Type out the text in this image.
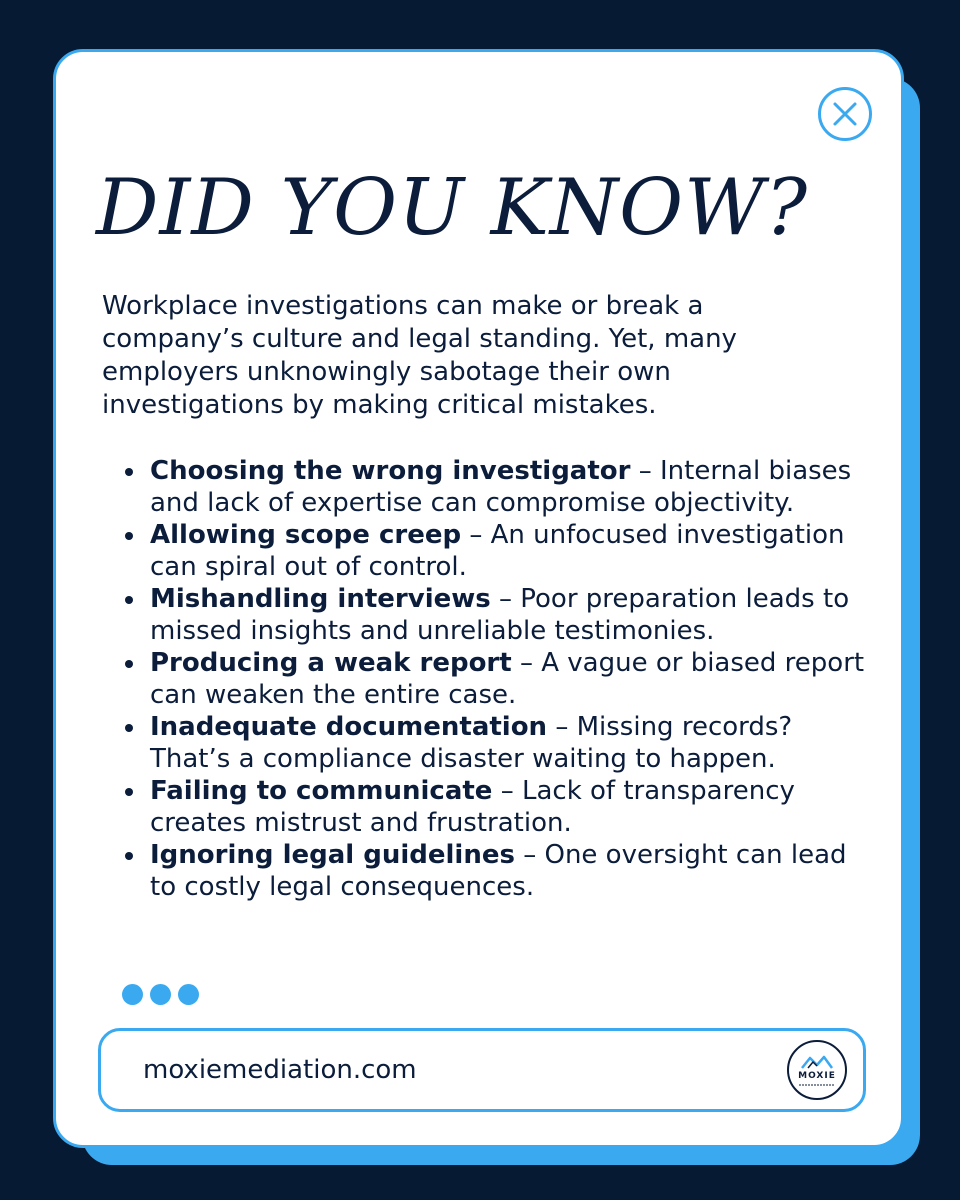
DID YOU KNOW?

Workplace investigations can make or break a company’s culture and legal standing. Yet, many employers unknowingly sabotage their own investigations by making critical mistakes.

Choosing the wrong investigator – Internal biases and lack of expertise can compromise objectivity.
Allowing scope creep – An unfocused investigation can spiral out of control.
Mishandling interviews – Poor preparation leads to missed insights and unreliable testimonies.
Producing a weak report – A vague or biased report can weaken the entire case.
Inadequate documentation – Missing records? That’s a compliance disaster waiting to happen.
Failing to communicate – Lack of transparency creates mistrust and frustration.
Ignoring legal guidelines – One oversight can lead to costly legal consequences.
moxiemediation.com	MOXIE
